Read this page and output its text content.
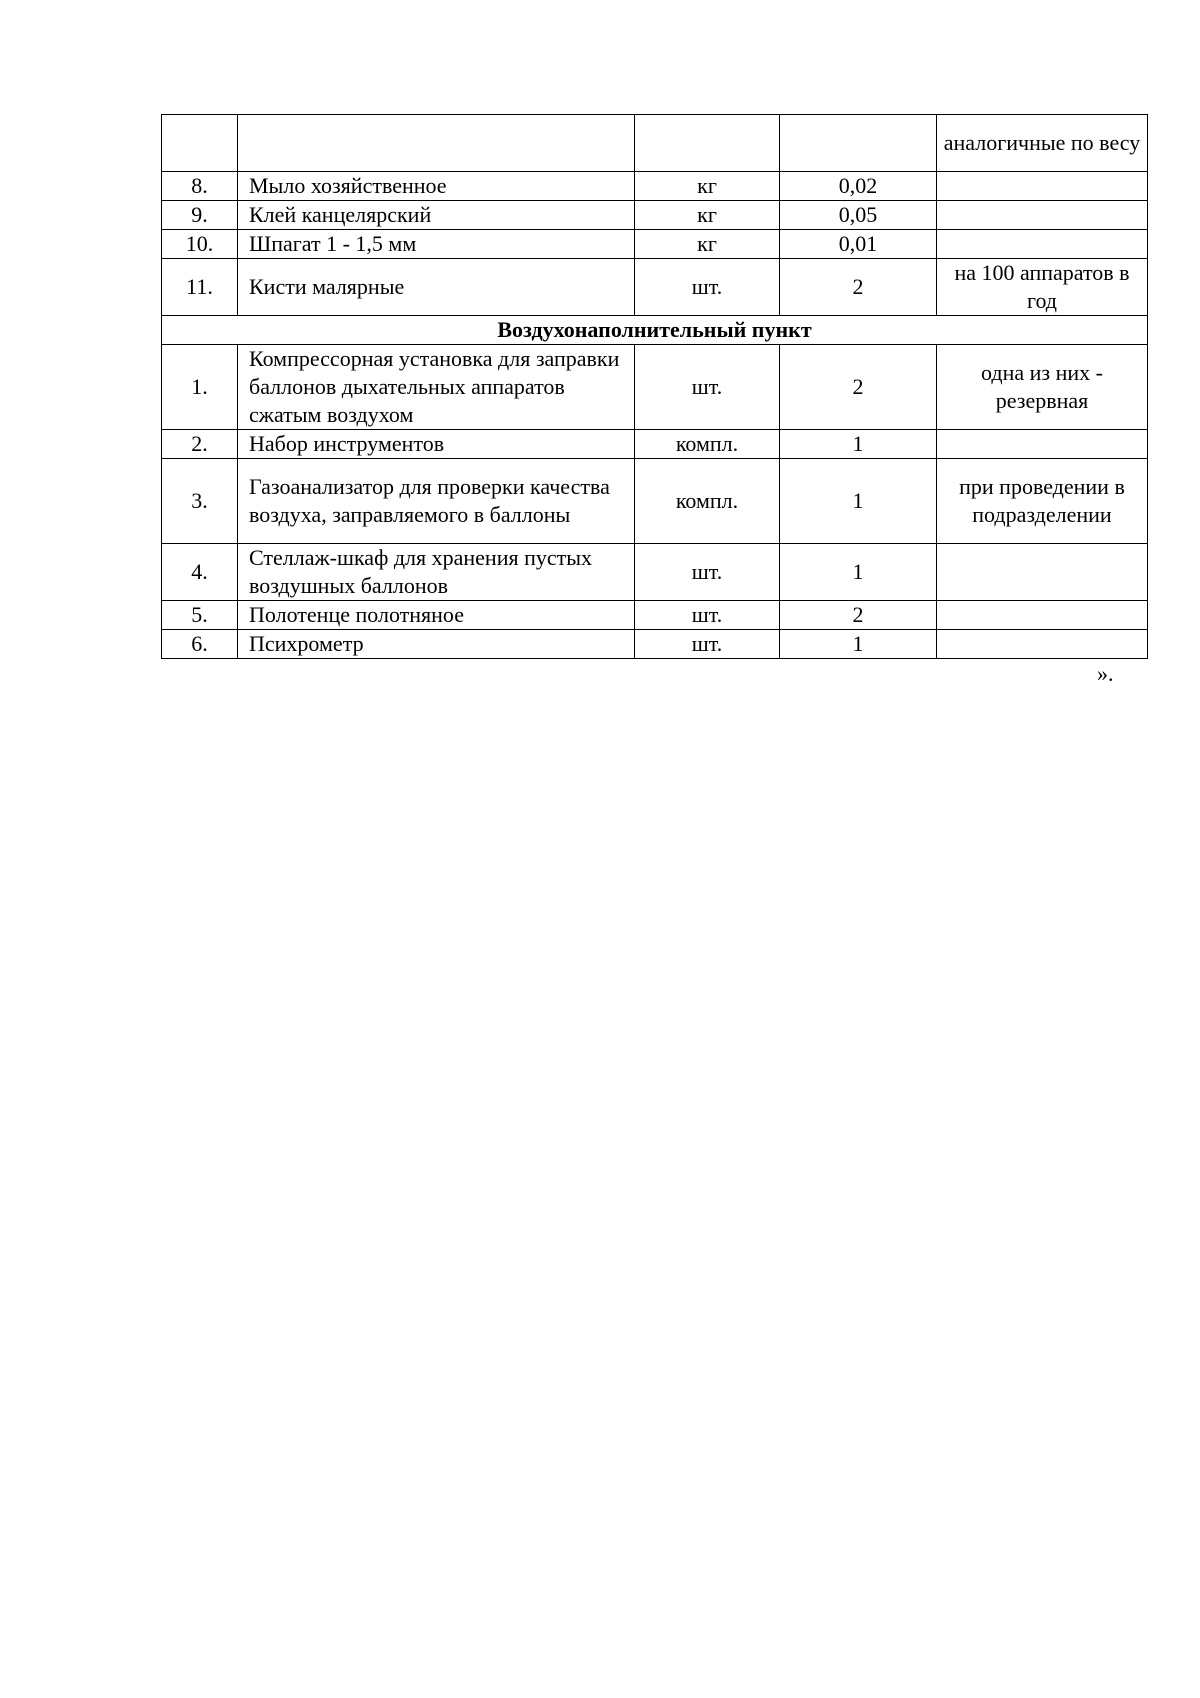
				аналогичные по весу
8.	Мыло хозяйственное	кг	0,02	
9.	Клей канцелярский	кг	0,05	
10.	Шпагат 1 - 1,5 мм	кг	0,01	
11.	Кисти малярные	шт.	2	на 100 аппаратов в год
Воздухонаполнительный пункт				
1.	Компрессорная установка для заправки баллонов дыхательных аппаратов сжатым воздухом	шт.	2	одна из них - резервная
2.	Набор инструментов	компл.	1	
3.	Газоанализатор для проверки качества воздуха, заправляемого в баллоны	компл.	1	при проведении в подразделении
4.	Стеллаж-шкаф для хранения пустых воздушных баллонов	шт.	1	
5.	Полотенце полотняное	шт.	2	
6.	Психрометр	шт.	1	
».
